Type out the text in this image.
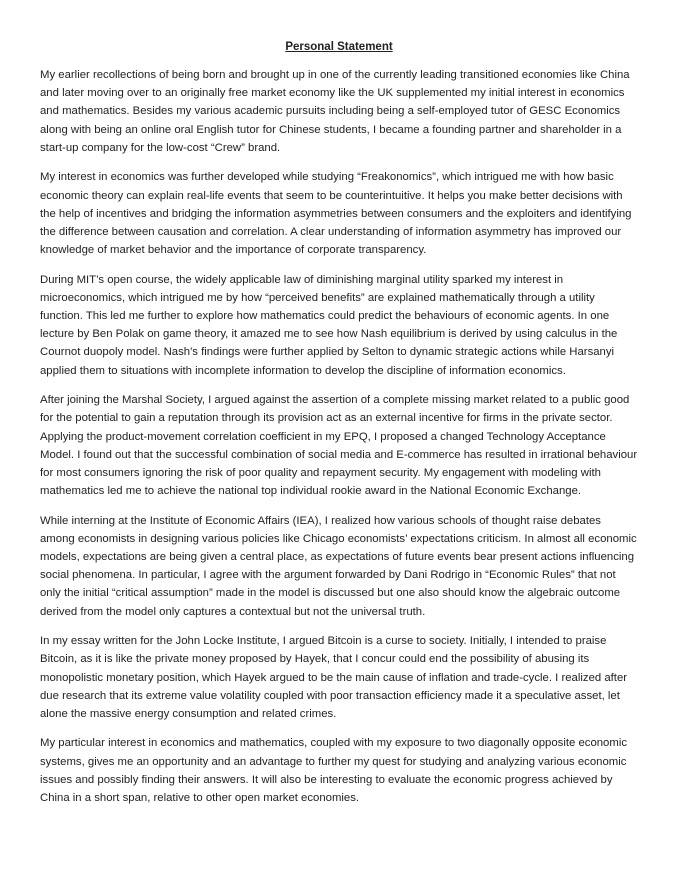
Personal Statement

My earlier recollections of being born and brought up in one of the currently leading transitioned economies like China and later moving over to an originally free market economy like the UK supplemented my initial interest in economics and mathematics. Besides my various academic pursuits including being a self-employed tutor of GESC Economics along with being an online oral English tutor for Chinese students, I became a founding partner and shareholder in a start-up company for the low-cost “Crew” brand.

My interest in economics was further developed while studying “Freakonomics”, which intrigued me with how basic economic theory can explain real-life events that seem to be counterintuitive. It helps you make better decisions with the help of incentives and bridging the information asymmetries between consumers and the exploiters and identifying the difference between causation and correlation. A clear understanding of information asymmetry has improved our knowledge of market behavior and the importance of corporate transparency.

During MIT’s open course, the widely applicable law of diminishing marginal utility sparked my interest in microeconomics, which intrigued me by how “perceived benefits” are explained mathematically through a utility function. This led me further to explore how mathematics could predict the behaviours of economic agents. In one lecture by Ben Polak on game theory, it amazed me to see how Nash equilibrium is derived by using calculus in the Cournot duopoly model. Nash's findings were further applied by Selton to dynamic strategic actions while Harsanyi applied them to situations with incomplete information to develop the discipline of information economics.

After joining the Marshal Society, I argued against the assertion of a complete missing market related to a public good for the potential to gain a reputation through its provision act as an external incentive for firms in the private sector. Applying the product-movement correlation coefficient in my EPQ, I proposed a changed Technology Acceptance Model. I found out that the successful combination of social media and E-commerce has resulted in irrational behaviour for most consumers ignoring the risk of poor quality and repayment security. My engagement with modeling with mathematics led me to achieve the national top individual rookie award in the National Economic Exchange.

While interning at the Institute of Economic Affairs (IEA), I realized how various schools of thought raise debates among economists in designing various policies like Chicago economists’ expectations criticism. In almost all economic models, expectations are being given a central place, as expectations of future events bear present actions influencing social phenomena. In particular, I agree with the argument forwarded by Dani Rodrigo in “Economic Rules” that not only the initial “critical assumption” made in the model is discussed but one also should know the algebraic outcome derived from the model only captures a contextual but not the universal truth.

In my essay written for the John Locke Institute, I argued Bitcoin is a curse to society. Initially, I intended to praise Bitcoin, as it is like the private money proposed by Hayek, that I concur could end the possibility of abusing its monopolistic monetary position, which Hayek argued to be the main cause of inflation and trade-cycle. I realized after due research that its extreme value volatility coupled with poor transaction efficiency made it a speculative asset, let alone the massive energy consumption and related crimes.

My particular interest in economics and mathematics, coupled with my exposure to two diagonally opposite economic systems, gives me an opportunity and an advantage to further my quest for studying and analyzing various economic issues and possibly finding their answers. It will also be interesting to evaluate the economic progress achieved by China in a short span, relative to other open market economies.
